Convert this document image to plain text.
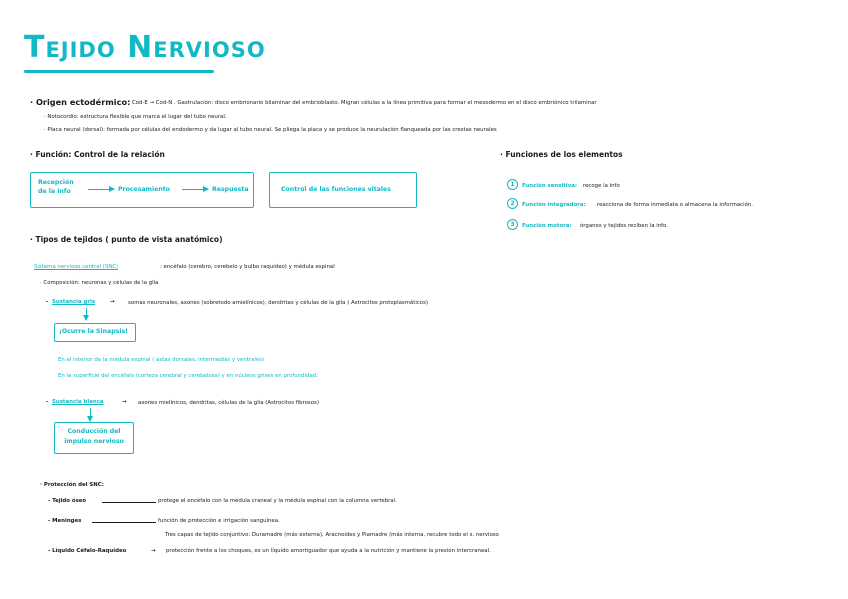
Tejido Nervioso
· Origen ectodérmico: Cod-E → Cod-N . Gastrulación: disco embrionario bilaminar del embrioblasto. Migran células a la línea primitiva para formar el mesodermo en el disco embriónico trilaminar
· Notocordio: estructura flexible que marca el lugar del tubo neural.
· Placa neural (dorsal): formada por células del endodermo y da lugar al tubo neural. Se pliega la placa y se produce la neurulación flanqueada por las crestas neurales
· Función: Control de la relación
Recepción de la info	Procesamiento	Respuesta	Control de las funciones vitales
· Funciones de los elementos
1	Función sensitiva: recoge la info
2	Función integradora: reacciona de forma inmediata o almacena la información.
3	Función motora: órganos y tejidos reciben la info.
· Tipos de tejidos ( punto de vista anatómico)
Sistema nervioso central (SNC)	: encéfalo (cerebro, cerebelo y bulbo raquídeo) y médula espinal
· Composición: neuronas y células de la glía
- Sustancia gris	→ somas neuronales, axones (sobretodo amielínicos), dendritas y células de la glía ( Astrocitos protoplasmáticos)
¡Ocurre la Sinapsis!
En el interior de la médula espinal ( astas dorsales, intermedias y ventrales)
En la superficie del encéfalo (corteza cerebral y cerebelosa) y en núcleos grises en profundidad.
- Sustancia blanca	→ axones mielínicos, dendritas, células de la glía (Astrocitos fibrosos)
Conducción del impulso nervioso
· Protección del SNC:
- Tejido óseo	protege el encéfalo con la médula craneal y la médula espinal con la columna vertebral.
- Meninges	función de protección e irrigación sanguínea.
Tres capas de tejido conjuntivo: Duramadre (más externa), Aracnoides y Piamadre (más interna, recubre todo el s. nervioso
- Líquido Céfalo-Raquídeo	→ protección frente a los choques, es un líquido amortiguador que ayuda a la nutrición y mantiene la presión intercraneal.
